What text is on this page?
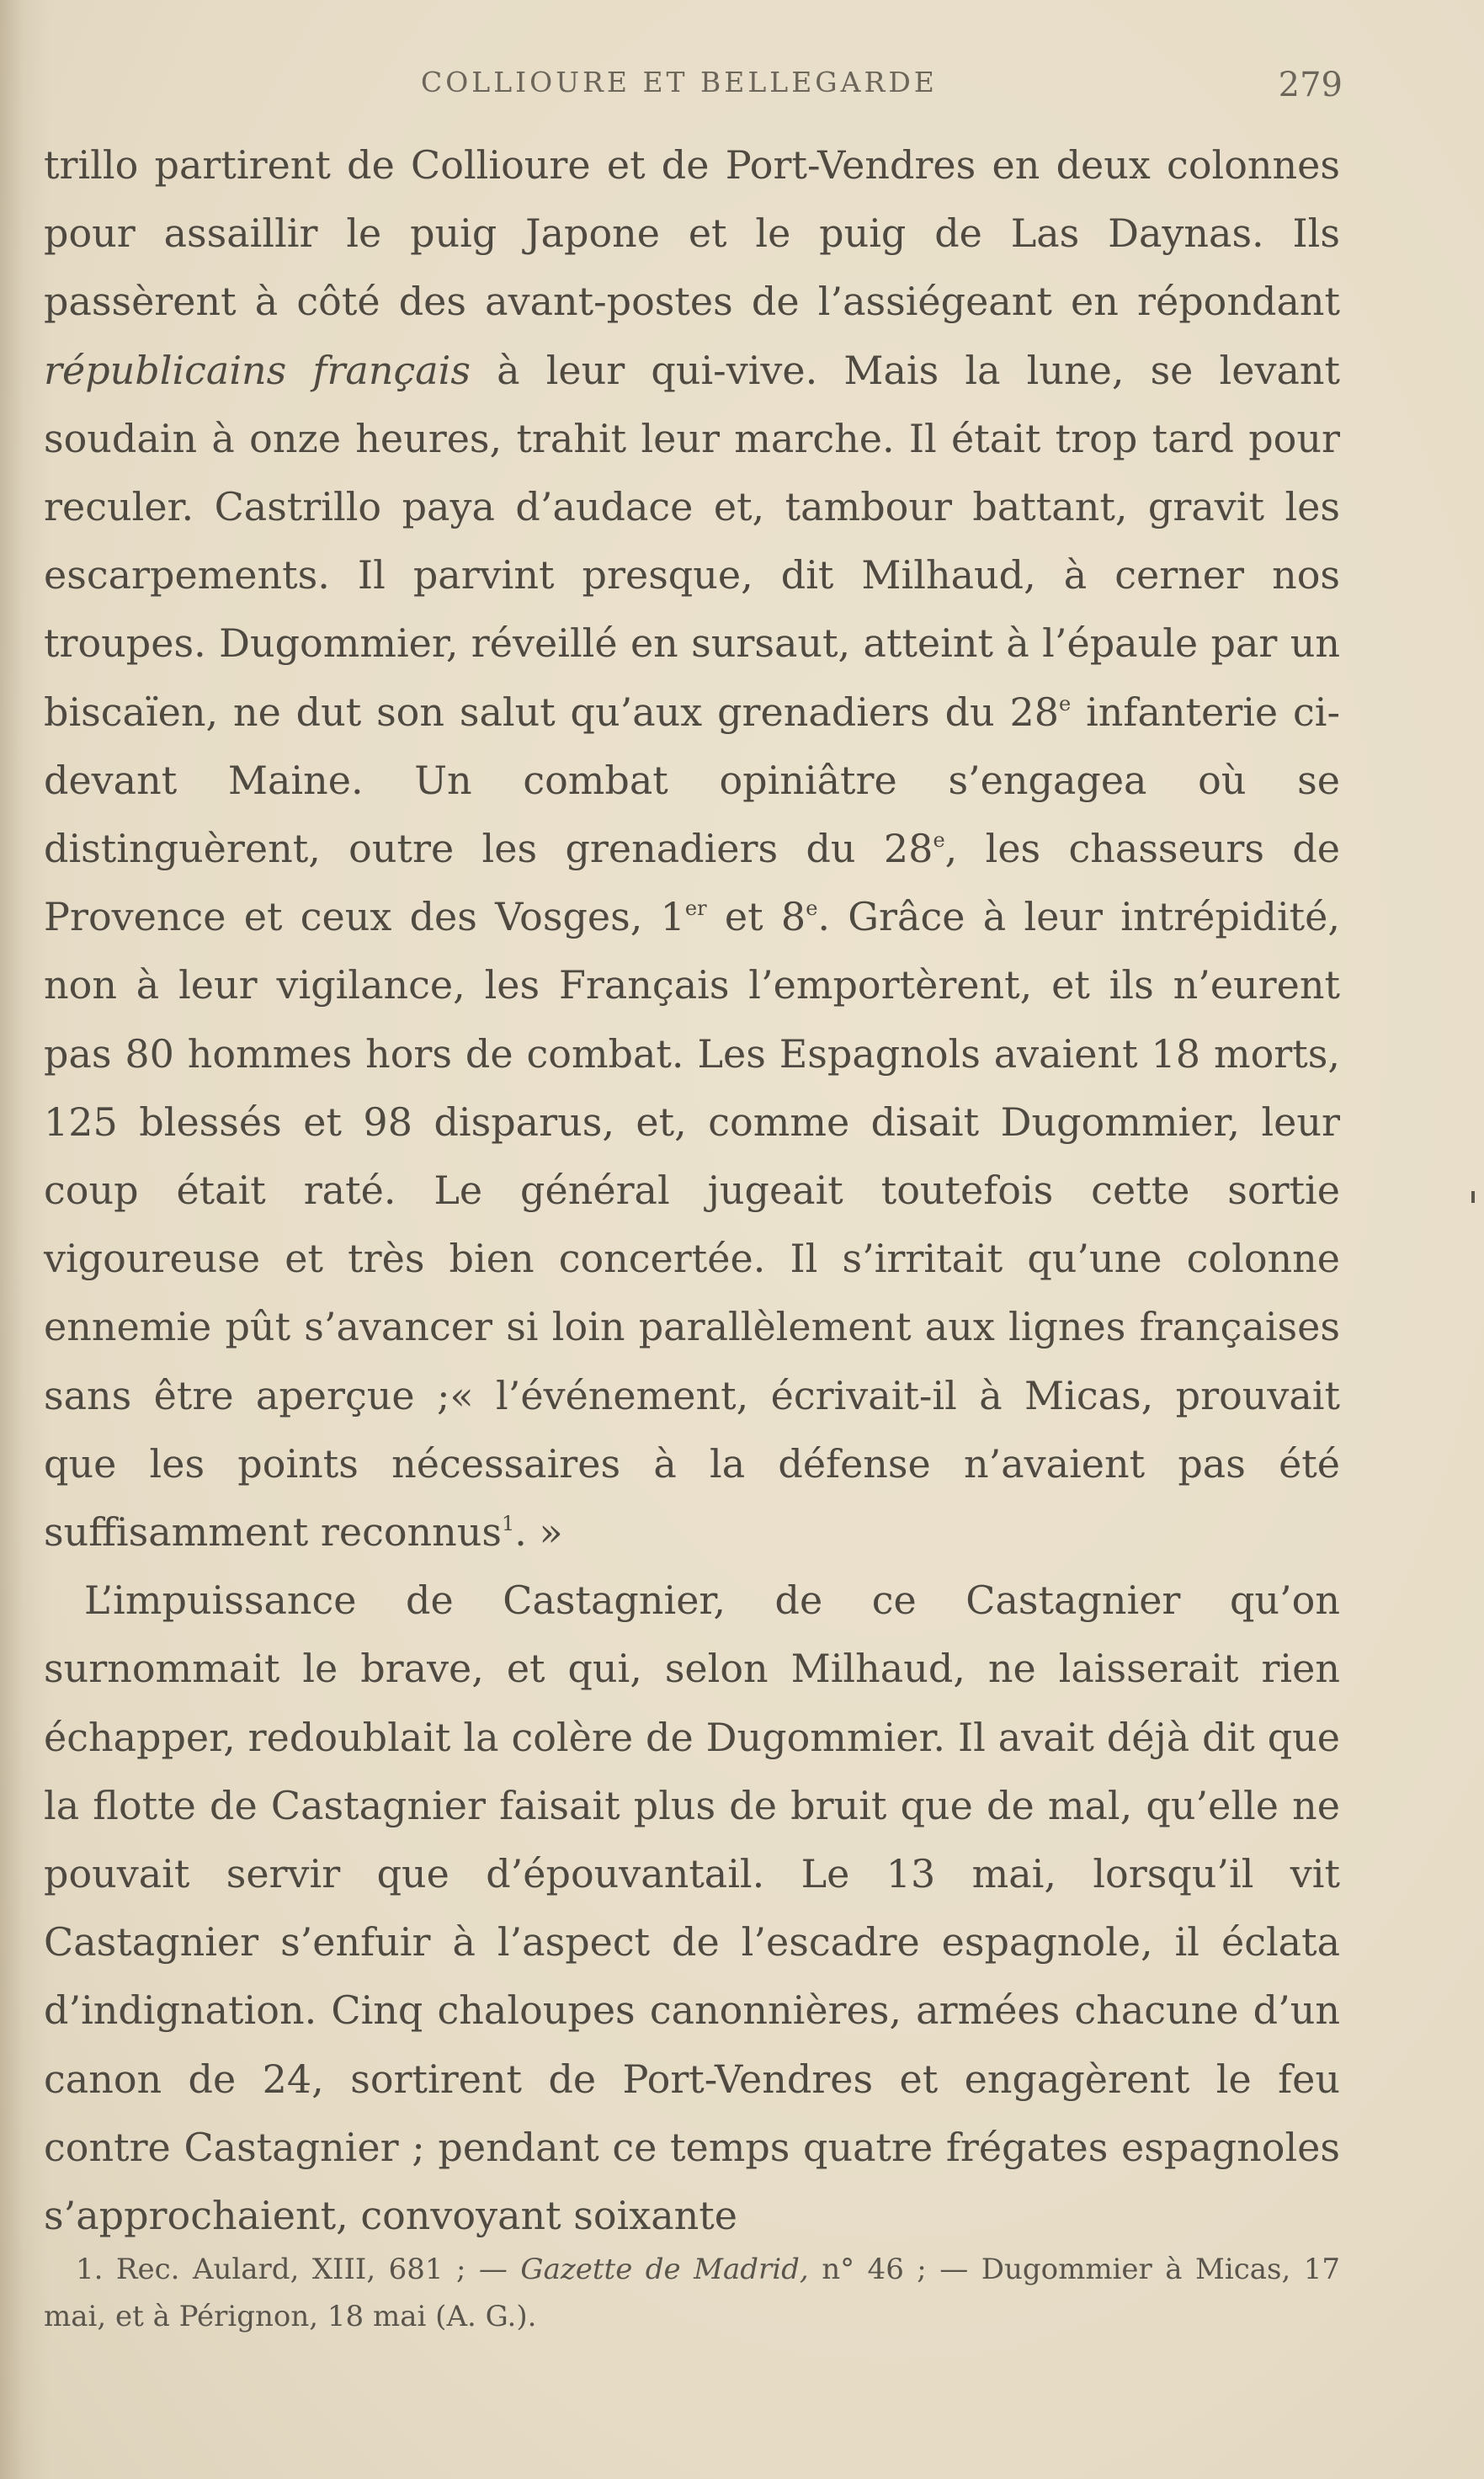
COLLIOURE ET BELLEGARDE	279

trillo partirent de Collioure et de Port-Vendres en deux colonnes pour assaillir le puig Japone et le puig de Las Daynas. Ils passèrent à côté des avant-postes de l’assiégeant en répondant républicains français à leur qui-vive. Mais la lune, se levant soudain à onze heures, trahit leur marche. Il était trop tard pour reculer. Castrillo paya d’audace et, tambour battant, gravit les escarpements. Il parvint presque, dit Milhaud, à cerner nos troupes. Dugommier, réveillé en sursaut, atteint à l’épaule par un biscaïen, ne dut son salut qu’aux grenadiers du 28e infanterie ci-devant Maine. Un combat opiniâtre s’engagea où se distinguèrent, outre les grenadiers du 28e, les chasseurs de Provence et ceux des Vosges, 1er et 8e. Grâce à leur intrépidité, non à leur vigilance, les Français l’emportèrent, et ils n’eurent pas 80 hommes hors de combat. Les Espagnols avaient 18 morts, 125 blessés et 98 disparus, et, comme disait Dugommier, leur coup était raté. Le général jugeait toutefois cette sortie vigoureuse et très bien concertée. Il s’irritait qu’une colonne ennemie pût s’avancer si loin parallèlement aux lignes françaises sans être aperçue ;« l’événement, écrivait-il à Micas, prouvait que les points nécessaires à la défense n’avaient pas été suffisamment reconnus$^1$. »

L’impuissance de Castagnier, de ce Castagnier qu’on surnommait le brave, et qui, selon Milhaud, ne laisserait rien échapper, redoublait la colère de Dugommier. Il avait déjà dit que la flotte de Castagnier faisait plus de bruit que de mal, qu’elle ne pouvait servir que d’épouvantail. Le 13 mai, lorsqu’il vit Castagnier s’enfuir à l’aspect de l’escadre espagnole, il éclata d’indignation. Cinq chaloupes canonnières, armées chacune d’un canon de 24, sortirent de Port-Vendres et engagèrent le feu contre Castagnier ; pendant ce temps quatre frégates espagnoles s’approchaient, convoyant soixante

1. Rec. Aulard, XIII, 681 ; — Gazette de Madrid, n° 46 ; — Dugommier à Micas, 17 mai, et à Pérignon, 18 mai (A. G.).
